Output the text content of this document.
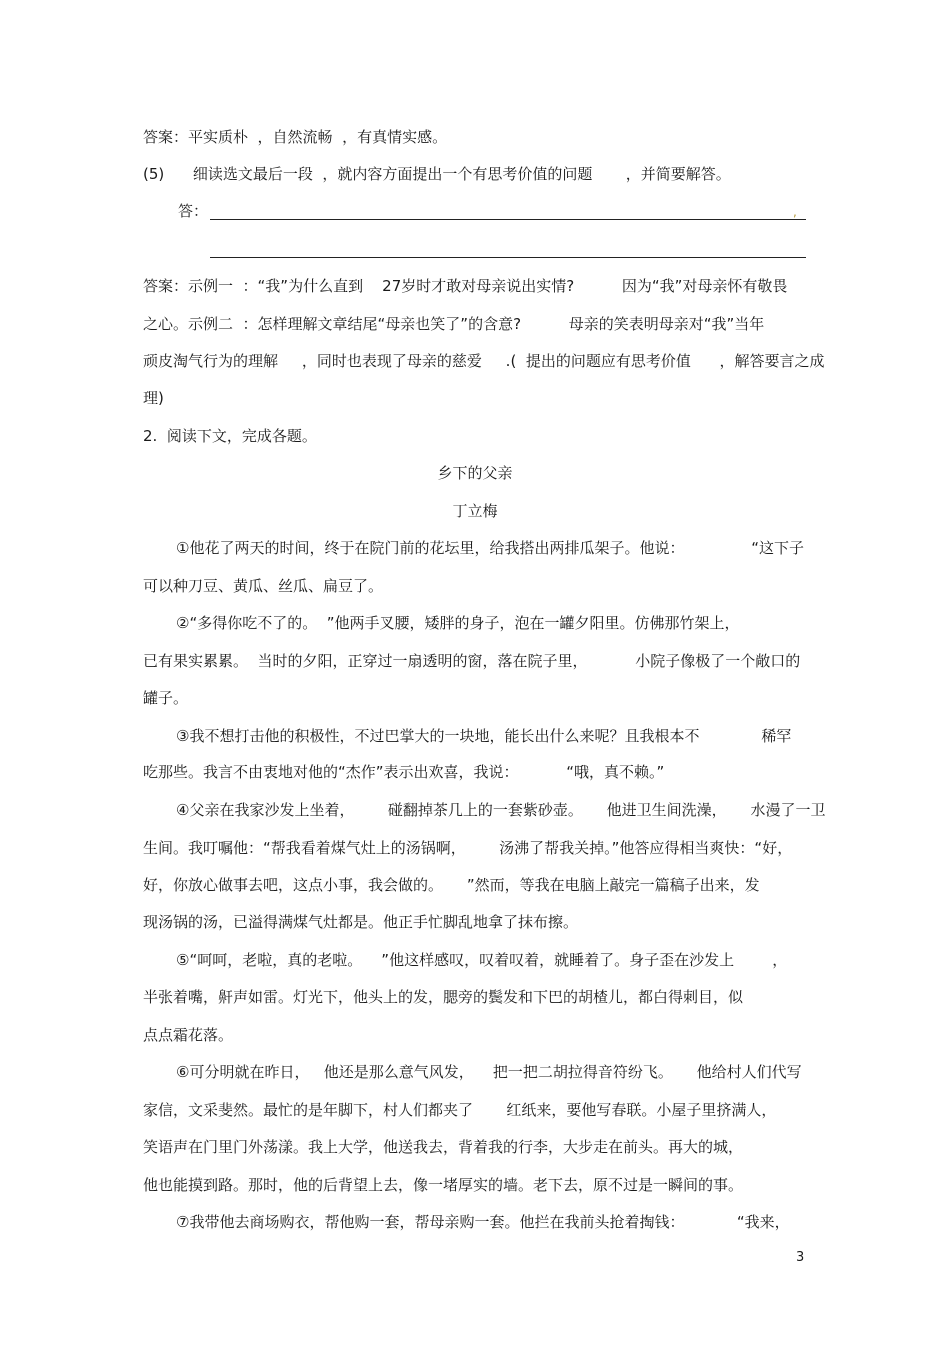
答案：平实质朴  ，自然流畅  ，有真情实感。
(5)      细读选文最后一段  ，就内容方面提出一个有思考价值的问题       ，并简要解答。
答：	,
答案：示例一  ：“我”为什么直到    27岁时才敢对母亲说出实情?          因为“我”对母亲怀有敬畏
之心。示例二  ：怎样理解文章结尾“母亲也笑了”的含意?          母亲的笑表明母亲对“我”当年
顽皮淘气行为的理解     ，同时也表现了母亲的慈爱     .(  提出的问题应有思考价值      ，解答要言之成
理)
2.  阅读下文，完成各题。
乡下的父亲
丁立梅
①他花了两天的时间，终于在院门前的花坛里，给我搭出两排瓜架子。他说：              “这下子
可以种刀豆、黄瓜、丝瓜、扁豆了。
②“多得你吃不了的。  ”他两手叉腰，矮胖的身子，泡在一罐夕阳里。仿佛那竹架上，
已有果实累累。  当时的夕阳，正穿过一扇透明的窗，落在院子里，          小院子像极了一个敞口的
罐子。
③我不想打击他的积极性，不过巴掌大的一块地，能长出什么来呢？且我根本不             稀罕
吃那些。我言不由衷地对他的“杰作”表示出欢喜，我说：          “哦，真不赖。”
④父亲在我家沙发上坐着，       碰翻掉茶几上的一套紫砂壶。     他进卫生间洗澡，     水漫了一卫
生间。我叮嘱他：“帮我看着煤气灶上的汤锅啊，       汤沸了帮我关掉。”他答应得相当爽快：“好，
好，你放心做事去吧，这点小事，我会做的。     ”然而，等我在电脑上敲完一篇稿子出来，发
现汤锅的汤，已溢得满煤气灶都是。他正手忙脚乱地拿了抹布擦。
⑤“呵呵，老啦，真的老啦。    ”他这样感叹，叹着叹着，就睡着了。身子歪在沙发上        ，
半张着嘴，鼾声如雷。灯光下，他头上的发，腮旁的鬓发和下巴的胡楂儿，都白得刺目，似
点点霜花落。
⑥可分明就在昨日，   他还是那么意气风发，    把一把二胡拉得音符纷飞。     他给村人们代写
家信，文采斐然。最忙的是年脚下，村人们都夹了       红纸来，要他写春联。小屋子里挤满人，
笑语声在门里门外荡漾。我上大学，他送我去，背着我的行李，大步走在前头。再大的城，
他也能摸到路。那时，他的后背望上去，像一堵厚实的墙。老下去，原不过是一瞬间的事。
⑦我带他去商场购衣，帮他购一套，帮母亲购一套。他拦在我前头抢着掏钱：           “我来，
3
